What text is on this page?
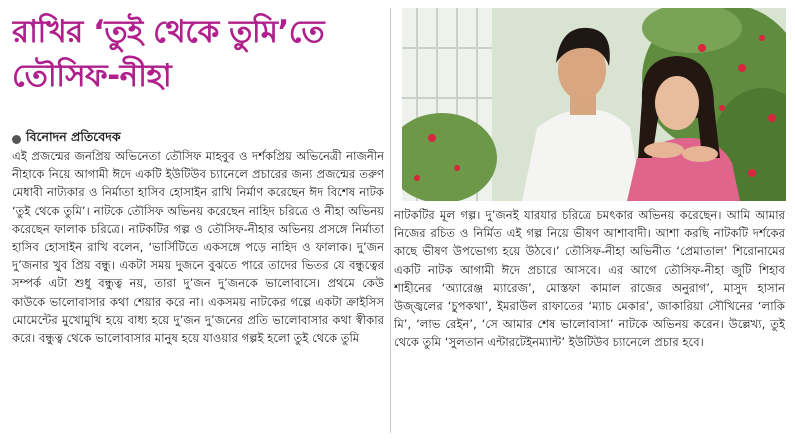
রাখির ‘তুই থেকে তুমি’তে
তৌসিফ-নীহা
বিনোদন প্রতিবেদক

এই প্রজন্মের জনপ্রিয় অভিনেতা তৌসিফ মাহবুব ও দর্শকপ্রিয় অভিনেত্রী নাজনীন নীহাকে নিয়ে আগামী ঈদে একটি ইউটিউব চ্যানেলে প্রচারের জন্য প্রজন্মের তরুণ মেধাবী নাট্যকার ও নির্মাতা হাসিব হোসাইন রাখি নির্মাণ করেছেন ঈদ বিশেষ নাটক ‘তুই থেকে তুমি’। নাটকে তৌসিফ অভিনয় করেছেন নাহিদ চরিত্রে ও নীহা অভিনয় করেছেন ফালাক চরিত্রে। নাটকটির গল্প ও তৌসিফ-নীহার অভিনয় প্রসঙ্গে নির্মাতা হাসিব হোসাইন রাখি বলেন, ‘ভার্সিটিতে একসঙ্গে পড়ে নাহিদ ও ফালাক। দু’জন দু’জনার খুব প্রিয় বন্ধু। একটা সময় দুজনে বুঝতে পারে তাদের ভিতর যে বন্ধুত্বের সম্পর্ক এটা শুধু বন্ধুত্ব নয়, তারা দু’জন দু’জনকে ভালোবাসে। প্রথমে কেউ কাউকে ভালোবাসার কথা শেয়ার করে না। একসময় নাটকের গল্পে একটা ক্রাইসিস মোমেন্টের মুখোমুখি হয়ে বাধ্য হয়ে দু’জন দু’জনের প্রতি ভালোবাসার কথা স্বীকার করে। বন্ধুত্ব থেকে ভালোবাসার মানুষ হয়ে যাওয়ার গল্পই হলো তুই থেকে তুমি

নাটকটির মূল গল্প। দু’জনই যারযার চরিত্রে চমৎকার অভিনয় করেছেন। আমি আমার নিজের রচিত ও নির্মিত এই গল্প নিয়ে ভীষণ আশাবাদী। আশা করছি নাটকটি দর্শকের কাছে ভীষণ উপভোগ্য হয়ে উঠবে।’ তৌসিফ-নীহা অভিনীত ‘প্রেমাতাল’ শিরোনামের একটি নাটক আগামী ঈদে প্রচারে আসবে। এর আগে তৌসিফ-নীহা জুটি শিহাব শাহীনের ‘অ্যারেঞ্জ ম্যারেজ’, মোস্তফা কামাল রাজের অনুরাগ’, মাসুদ হাসান উজ্জ্বলের ‘চুপকথা’, ইমরাউল রাফাতের ‘ম্যাচ মেকার’, জাকারিয়া সৌখিনের ‘লাকি মি’, ‘লাভ রেইন’, ‘সে আমার শেষ ভালোবাসা’ নাটকে অভিনয় করেন। উল্লেখ্য, তুই থেকে তুমি ‘সুলতান এন্টারটেইনম্যান্ট’ ইউটিউব চ্যানেলে প্রচার হবে।
